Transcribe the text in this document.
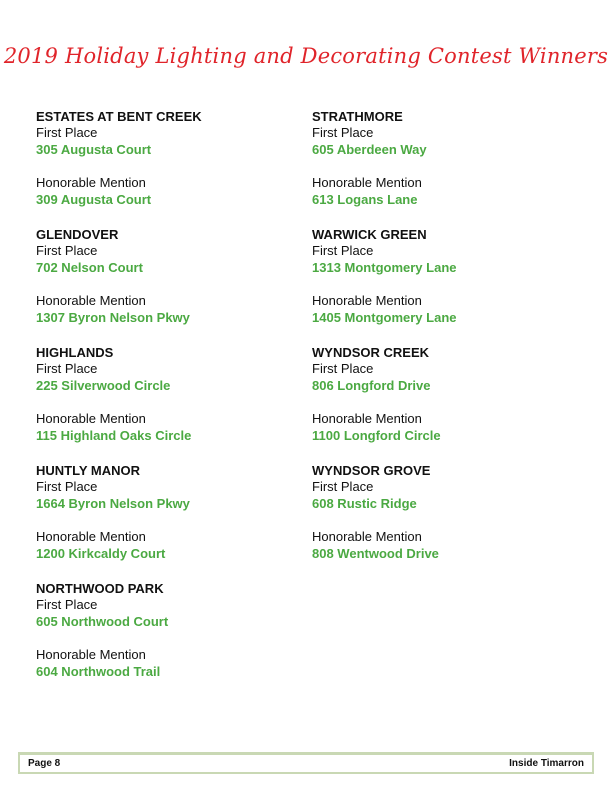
2019 Holiday Lighting and Decorating Contest Winners
ESTATES AT BENT CREEK
First Place
305 Augusta Court
Honorable Mention
309 Augusta Court
GLENDOVER
First Place
702 Nelson Court
Honorable Mention
1307 Byron Nelson Pkwy
HIGHLANDS
First Place
225 Silverwood Circle
Honorable Mention
115 Highland Oaks Circle
HUNTLY MANOR
First Place
1664 Byron Nelson Pkwy
Honorable Mention
1200 Kirkcaldy Court
NORTHWOOD PARK
First Place
605 Northwood Court
Honorable Mention
604 Northwood Trail
STRATHMORE
First Place
605 Aberdeen Way
Honorable Mention
613 Logans Lane
WARWICK GREEN
First Place
1313 Montgomery Lane
Honorable Mention
1405 Montgomery Lane
WYNDSOR CREEK
First Place
806 Longford Drive
Honorable Mention
1100 Longford Circle
WYNDSOR GROVE
First Place
608 Rustic Ridge
Honorable Mention
808 Wentwood Drive
Page 8	Inside Timarron
